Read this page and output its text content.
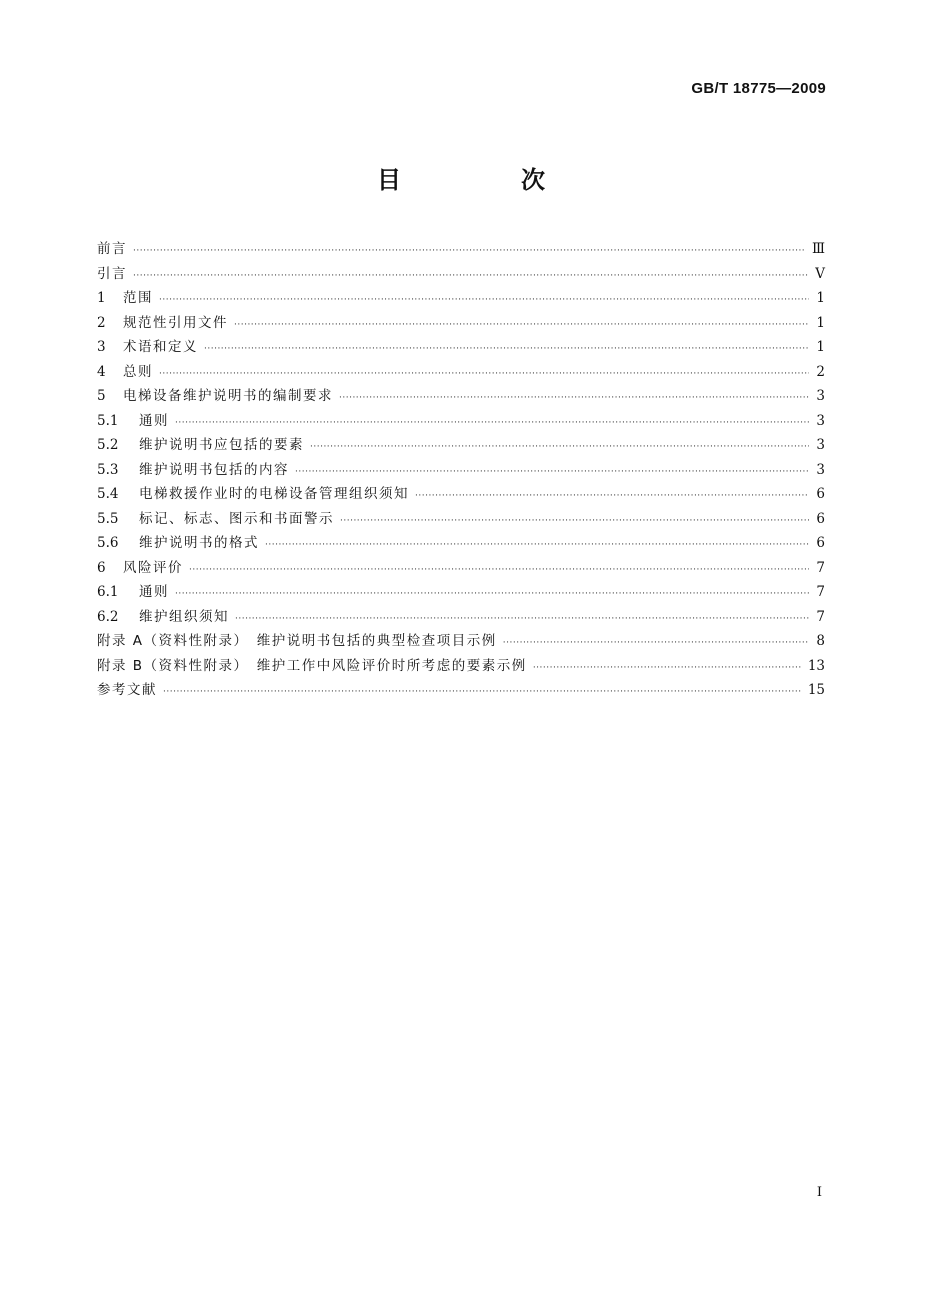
GB/T 18775—2009
目　次
前言 ·····	Ⅲ
引言 ·····	Ⅴ
1	范围 ·····	1
2	规范性引用文件 ·····	1
3	术语和定义 ·····	1
4	总则 ·····	2
5	电梯设备维护说明书的编制要求 ·····	3
5.1	通则 ·····	3
5.2	维护说明书应包括的要素 ·····	3
5.3	维护说明书包括的内容 ·····	3
5.4	电梯救援作业时的电梯设备管理组织须知 ·····	6
5.5	标记、标志、图示和书面警示 ·····	6
5.6	维护说明书的格式 ·····	6
6	风险评价 ·····	7
6.1	通则 ·····	7
6.2	维护组织须知 ·····	7
附录 A（资料性附录）　维护说明书包括的典型检查项目示例 ·····	8
附录 B（资料性附录）　维护工作中风险评价时所考虑的要素示例 ·····	13
参考文献 ·····	15
I
